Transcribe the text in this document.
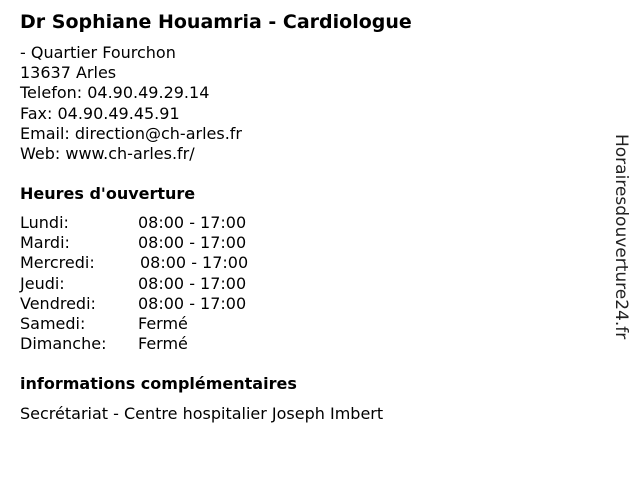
Dr Sophiane Houamria - Cardiologue
- Quartier Fourchon
13637 Arles
Telefon: 04.90.49.29.14
Fax: 04.90.49.45.91
Email: direction@ch-arles.fr
Web: www.ch-arles.fr/
Heures d'ouverture
Lundi:	08:00 - 17:00
Mardi:	08:00 - 17:00
Mercredi:	08:00 - 17:00
Jeudi:	08:00 - 17:00
Vendredi:	08:00 - 17:00
Samedi:	Fermé
Dimanche: Fermé
informations complémentaires
Secrétariat - Centre hospitalier Joseph Imbert
Horairesdouverture24.fr
